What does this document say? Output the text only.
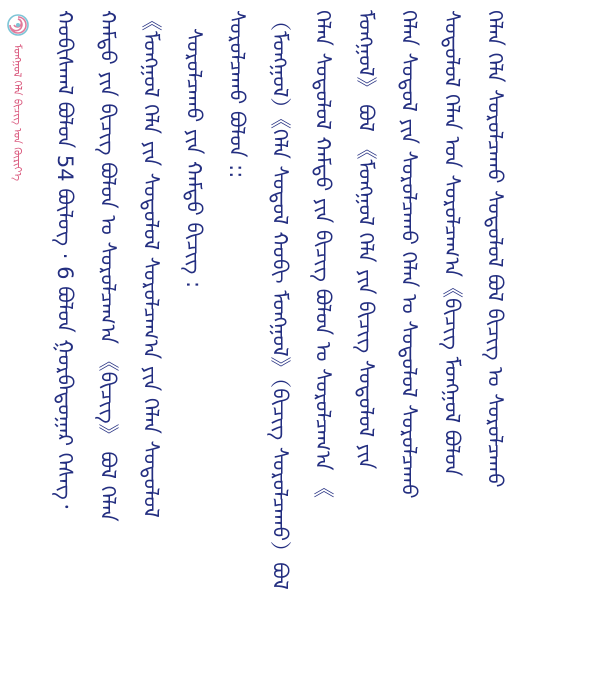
ᠮᠣᠩᠭᠤᠯ ᠬᠡᠯᠡ ᠪᠢᠴᠢᠭ ᠤᠨ ᠬᠦᠷᠢᠶ᠎ᠡ ᠬᠤᠪᠢᠰᠬᠠᠯ ᠪᠣᠯᠣᠨ 54 ᠪᠦᠯᠦᠭ · 6 ᠪᠣᠯᠣᠨ ᠭᠤᠷᠪᠠᠳᠤᠭᠠᠷ ᠬᠡᠰᠡᠭ᠂ ᠬᠠᠮᠲᠤ ᠶᠢᠨ ᠪᠢᠴᠢᠭ ᠪᠣᠯᠤᠨ ᠤ ᠰᠤᠷᠤᠯᠴᠠᠭ᠎ᠠ 《ᠪᠢᠴᠢᠭ》 ᠪᠣᠯ ᠬᠡᠯᠡᠨ 《ᠮᠣᠩᠭᠣᠯ ᠬᠡᠯᠡ ᠶᠢᠨ ᠰᠤᠳᠤᠯᠤᠯ ᠰᠤᠷᠤᠯᠴᠠᠭ᠎ᠠ ᠶᠢᠨ ᠬᠡᠯᠡᠨ ᠰᠤᠳᠤᠯᠤᠯ ᠰᠤᠷᠤᠯᠴᠠᠬᠤ ᠶᠢᠨ ᠬᠠᠮᠲᠤ ᠪᠢᠴᠢᠭ : ᠰᠤᠷᠤᠯᠴᠠᠬᠤ ᠪᠣᠯᠤᠨ :: （ᠮᠣᠩᠭᠣᠯ）《ᠬᠡᠯᠡ ᠰᠤᠳᠤᠯ ᠬᠤᠪᠢ ᠮᠣᠩᠭᠣᠯ》（ᠪᠢᠴᠢᠭ ᠰᠤᠷᠤᠯᠴᠠᠬᠤ）ᠪᠣᠯ ᠬᠡᠯᠡᠨ ᠰᠤᠳᠤᠯᠤᠯ ᠬᠠᠮᠲᠤ ᠶᠢᠨ ᠪᠢᠴᠢᠭ ᠪᠣᠯᠤᠨ ᠤ ᠰᠤᠷᠤᠯᠴᠠᠭ᠎ᠠ 《 ᠮᠣᠩᠭᠣᠯ》 ᠪᠣᠯ 《ᠮᠣᠩᠭᠣᠯ ᠬᠡᠯᠡ ᠶᠢᠨ ᠪᠢᠴᠢᠭ ᠰᠤᠳᠤᠯᠤᠯ ᠶᠢᠨ ᠬᠡᠯᠡᠨ ᠰᠤᠳᠤᠯ ᠶᠢᠨ ᠰᠤᠷᠤᠯᠴᠠᠬᠤ ᠬᠡᠯᠡᠨ ᠤ ᠰᠤᠳᠤᠯᠤᠯ ᠰᠤᠷᠤᠯᠴᠠᠬᠤ ᠰᠤᠳᠤᠯᠤᠯ ᠬᠡᠯᠡᠨ ᠤᠨ ᠰᠤᠷᠤᠯᠴᠠᠭ᠎ᠠ《ᠪᠢᠴᠢᠭ ᠮᠣᠩᠭᠣᠯ ᠪᠣᠯᠤᠨ ᠬᠡᠯᠡᠨ ᠬᠡᠯᠡ ᠰᠤᠷᠤᠯᠴᠠᠬᠤ ᠰᠤᠳᠤᠯᠤᠯ ᠪᠣᠯ ᠪᠢᠴᠢᠭ ᠤ ᠰᠤᠷᠤᠯᠴᠠᠬᠤ
